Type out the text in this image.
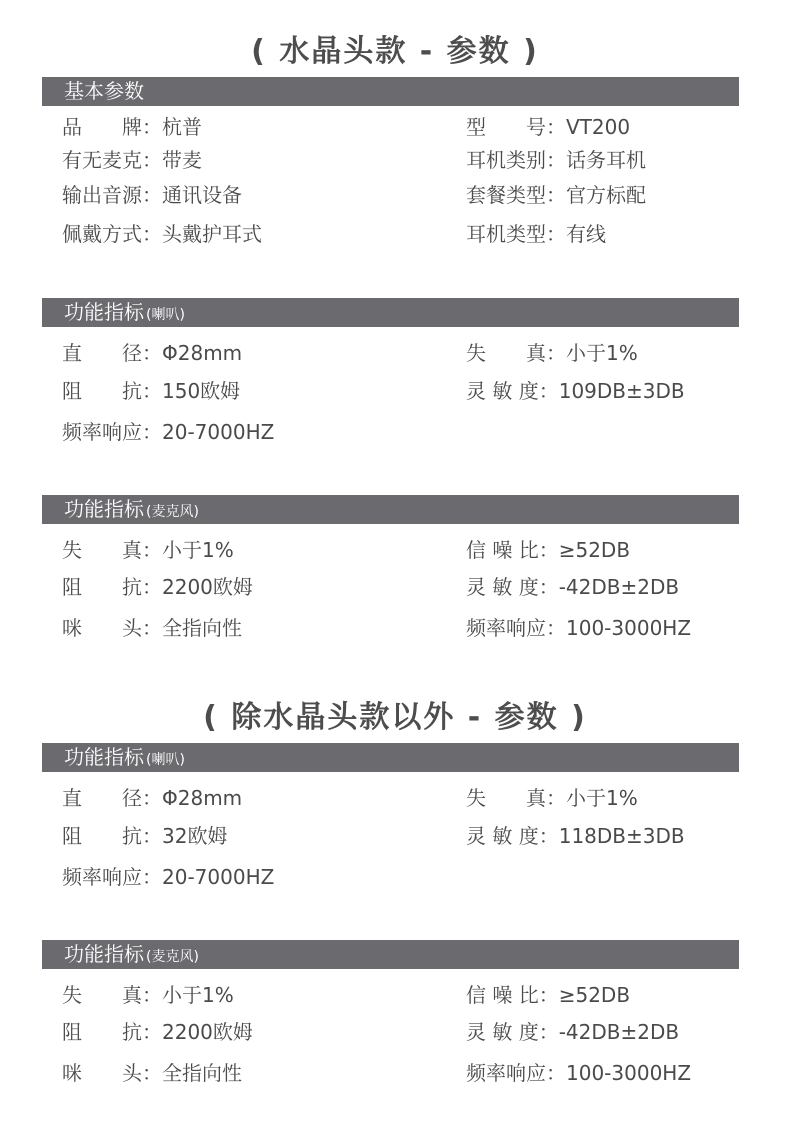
( 水晶头款 - 参数 )
基本参数
品　　牌：杭普	型　　号：VT200
有无麦克：带麦	耳机类别：话务耳机
输出音源：通讯设备	套餐类型：官方标配
佩戴方式：头戴护耳式	耳机类型：有线
功能指标 (喇叭)
直　　径：Φ28mm	失　　真：小于1%
阻　　抗：150欧姆	灵 敏 度：109DB±3DB
频率响应：20-7000HZ
功能指标 (麦克风)
失　　真：小于1%	信 噪 比：≥52DB
阻　　抗：2200欧姆	灵 敏 度：-42DB±2DB
咪　　头：全指向性	频率响应：100-3000HZ
( 除水晶头款以外 - 参数 )
功能指标 (喇叭)
直　　径：Φ28mm	失　　真：小于1%
阻　　抗：32欧姆	灵 敏 度：118DB±3DB
频率响应：20-7000HZ
功能指标 (麦克风)
失　　真：小于1%	信 噪 比：≥52DB
阻　　抗：2200欧姆	灵 敏 度：-42DB±2DB
咪　　头：全指向性	频率响应：100-3000HZ
